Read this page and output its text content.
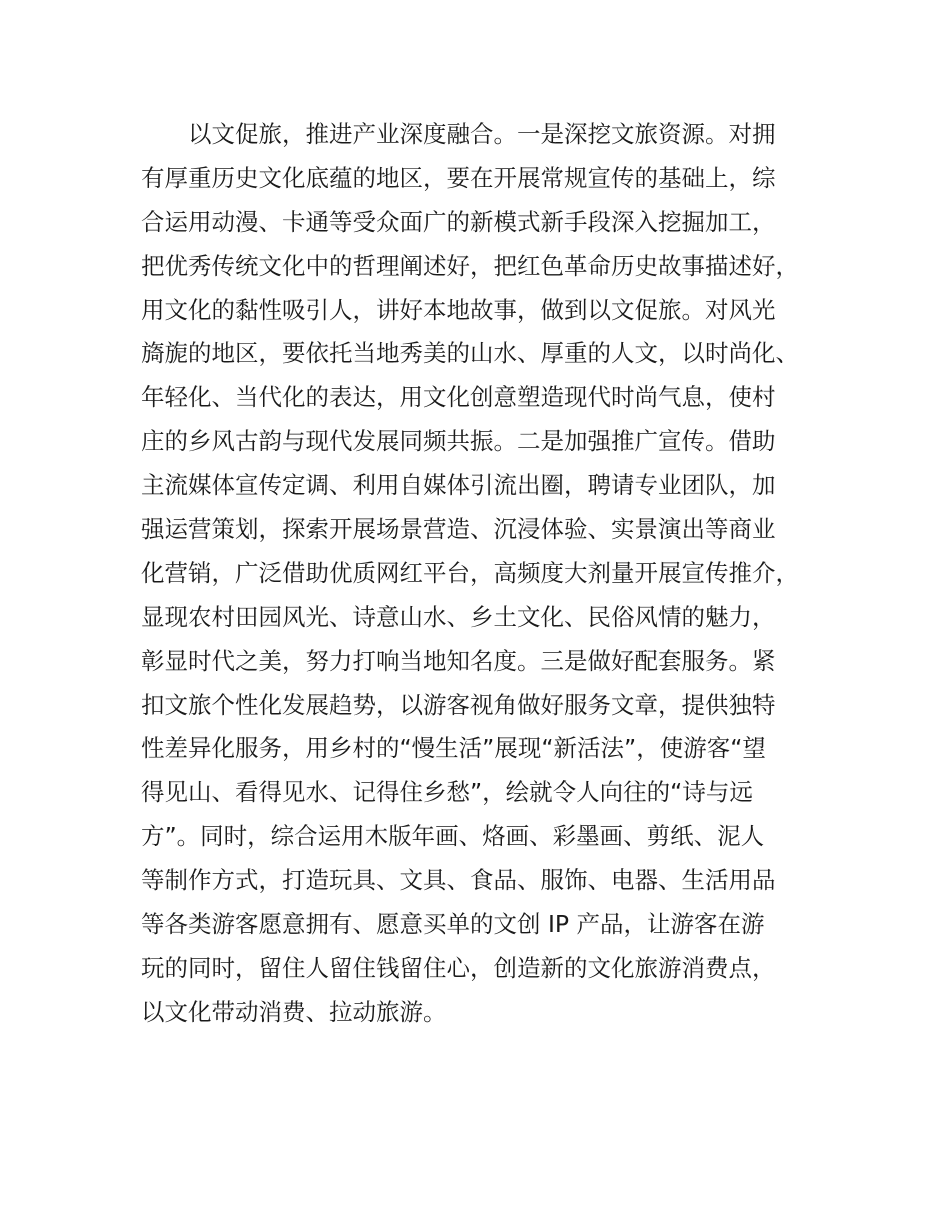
以文促旅，推进产业深度融合。一是深挖文旅资源。对拥
有厚重历史文化底蕴的地区，要在开展常规宣传的基础上，综
合运用动漫、卡通等受众面广的新模式新手段深入挖掘加工，
把优秀传统文化中的哲理阐述好，把红色革命历史故事描述好，
用文化的黏性吸引人，讲好本地故事，做到以文促旅。对风光
旖旎的地区，要依托当地秀美的山水、厚重的人文，以时尚化、
年轻化、当代化的表达，用文化创意塑造现代时尚气息，使村
庄的乡风古韵与现代发展同频共振。二是加强推广宣传。借助
主流媒体宣传定调、利用自媒体引流出圈，聘请专业团队，加
强运营策划，探索开展场景营造、沉浸体验、实景演出等商业
化营销，广泛借助优质网红平台，高频度大剂量开展宣传推介，
显现农村田园风光、诗意山水、乡土文化、民俗风情的魅力，
彰显时代之美，努力打响当地知名度。三是做好配套服务。紧
扣文旅个性化发展趋势，以游客视角做好服务文章，提供独特
性差异化服务，用乡村的“慢生活”展现“新活法”，使游客“望
得见山、看得见水、记得住乡愁”，绘就令人向往的“诗与远
方”。同时，综合运用木版年画、烙画、彩墨画、剪纸、泥人
等制作方式，打造玩具、文具、食品、服饰、电器、生活用品
等各类游客愿意拥有、愿意买单的文创 IP 产品，让游客在游
玩的同时，留住人留住钱留住心，创造新的文化旅游消费点，
以文化带动消费、拉动旅游。
